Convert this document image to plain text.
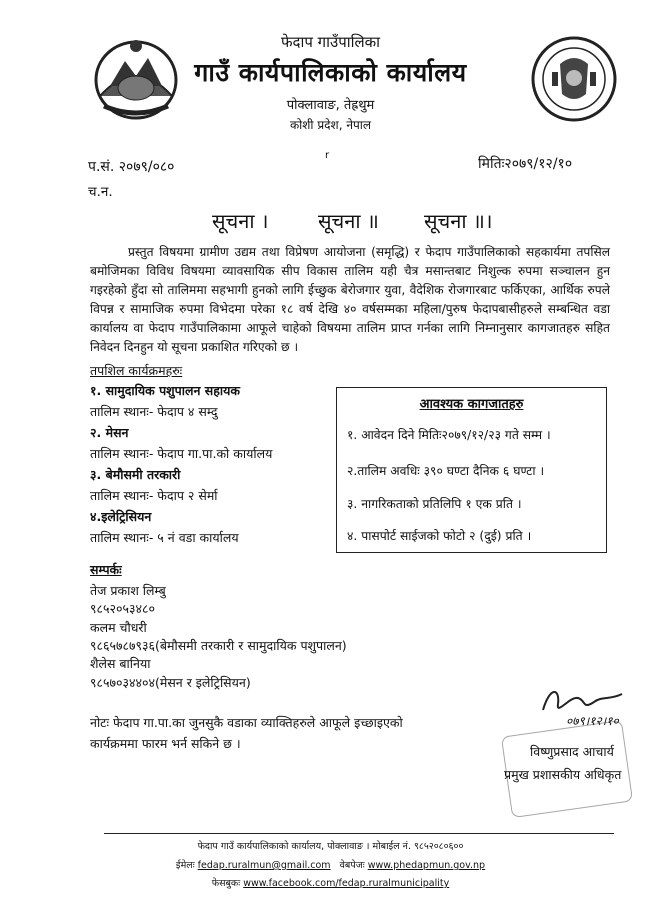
फेदाप गाउँपालिका
गाउँ कार्यपालिकाको कार्यालय
पोक्लावाङ, तेह्रथुम
कोशी प्रदेश, नेपाल
प.सं. २०७९/०८०
च.न.
मितिः२०७९/१२/१०
r
सूचना । सूचना ॥ सूचना ॥।
प्रस्तुत विषयमा ग्रामीण उद्यम तथा विप्रेषण आयोजना (समृद्धि) र फेदाप गाउँपालिकाको सहकार्यमा तपसिल बमोजिमका विविध विषयमा व्यावसायिक सीप विकास तालिम यही चैत्र मसान्तबाट निशुल्क रुपमा सञ्चालन हुन गइरहेको हुँदा सो तालिममा सहभागी हुनको लागि ईच्छुक बेरोजगार युवा, वैदेशिक रोजगारबाट फर्किएका, आर्थिक रुपले विपन्न र सामाजिक रुपमा विभेदमा परेका १८ वर्ष देखि ४० वर्षसम्मका महिला/पुरुष फेदापबासीहरुले सम्बन्धित वडा कार्यालय वा फेदाप गाउँपालिकामा आफूले चाहेको विषयमा तालिम प्राप्त गर्नका लागि निम्नानुसार कागजातहरु सहित निवेदन दिनहुन यो सूचना प्रकाशित गरिएको छ ।
तपशिल कार्यक्रमहरुः
१. सामुदायिक पशुपालन सहायक
तालिम स्थानः- फेदाप ४ सम्दु
२. मेसन
तालिम स्थानः- फेदाप गा.पा.को कार्यालय
३. बेमौसमी तरकारी
तालिम स्थानः- फेदाप २ सेर्मा
४.इलेट्रिसियन
तालिम स्थानः- ५ नं वडा कार्यालय
आवश्यक कागजातहरु
१. आवेदन दिने मितिः२०७९/१२/२३ गते सम्म ।
२.तालिम अवधिः ३९० घण्टा दैनिक ६ घण्टा ।
३. नागरिकताको प्रतिलिपि १ एक प्रति ।
४. पासपोर्ट साईजको फोटो २ (दुई) प्रति ।
सम्पर्कः
तेज प्रकाश लिम्बु
९८५२०५३४८०
कलम चौधरी
९८६५७८७९३६(बेमौसमी तरकारी र सामुदायिक पशुपालन)
शैलेस बानिया
९८५७०३४४०४(मेसन र इलेट्रिसियन)
नोटः फेदाप गा.पा.का जुनसुकै वडाका व्याक्तिहरुले आफूले इच्छाइएको
कार्यक्रममा फारम भर्न सकिने छ ।
०७९।१२।१०
विष्णुप्रसाद आचार्य
प्रमुख प्रशासकीय अधिकृत
फेदाप गाउँ कार्यपालिकाको कार्यालय, पोक्लावाङ । मोबाईल नं. ९८५२०८०६००
ईमेलः fedap.ruralmun@gmail.com वेबपेजः www.phedapmun.gov.np
फेसबुकः www.facebook.com/fedap.ruralmunicipality
